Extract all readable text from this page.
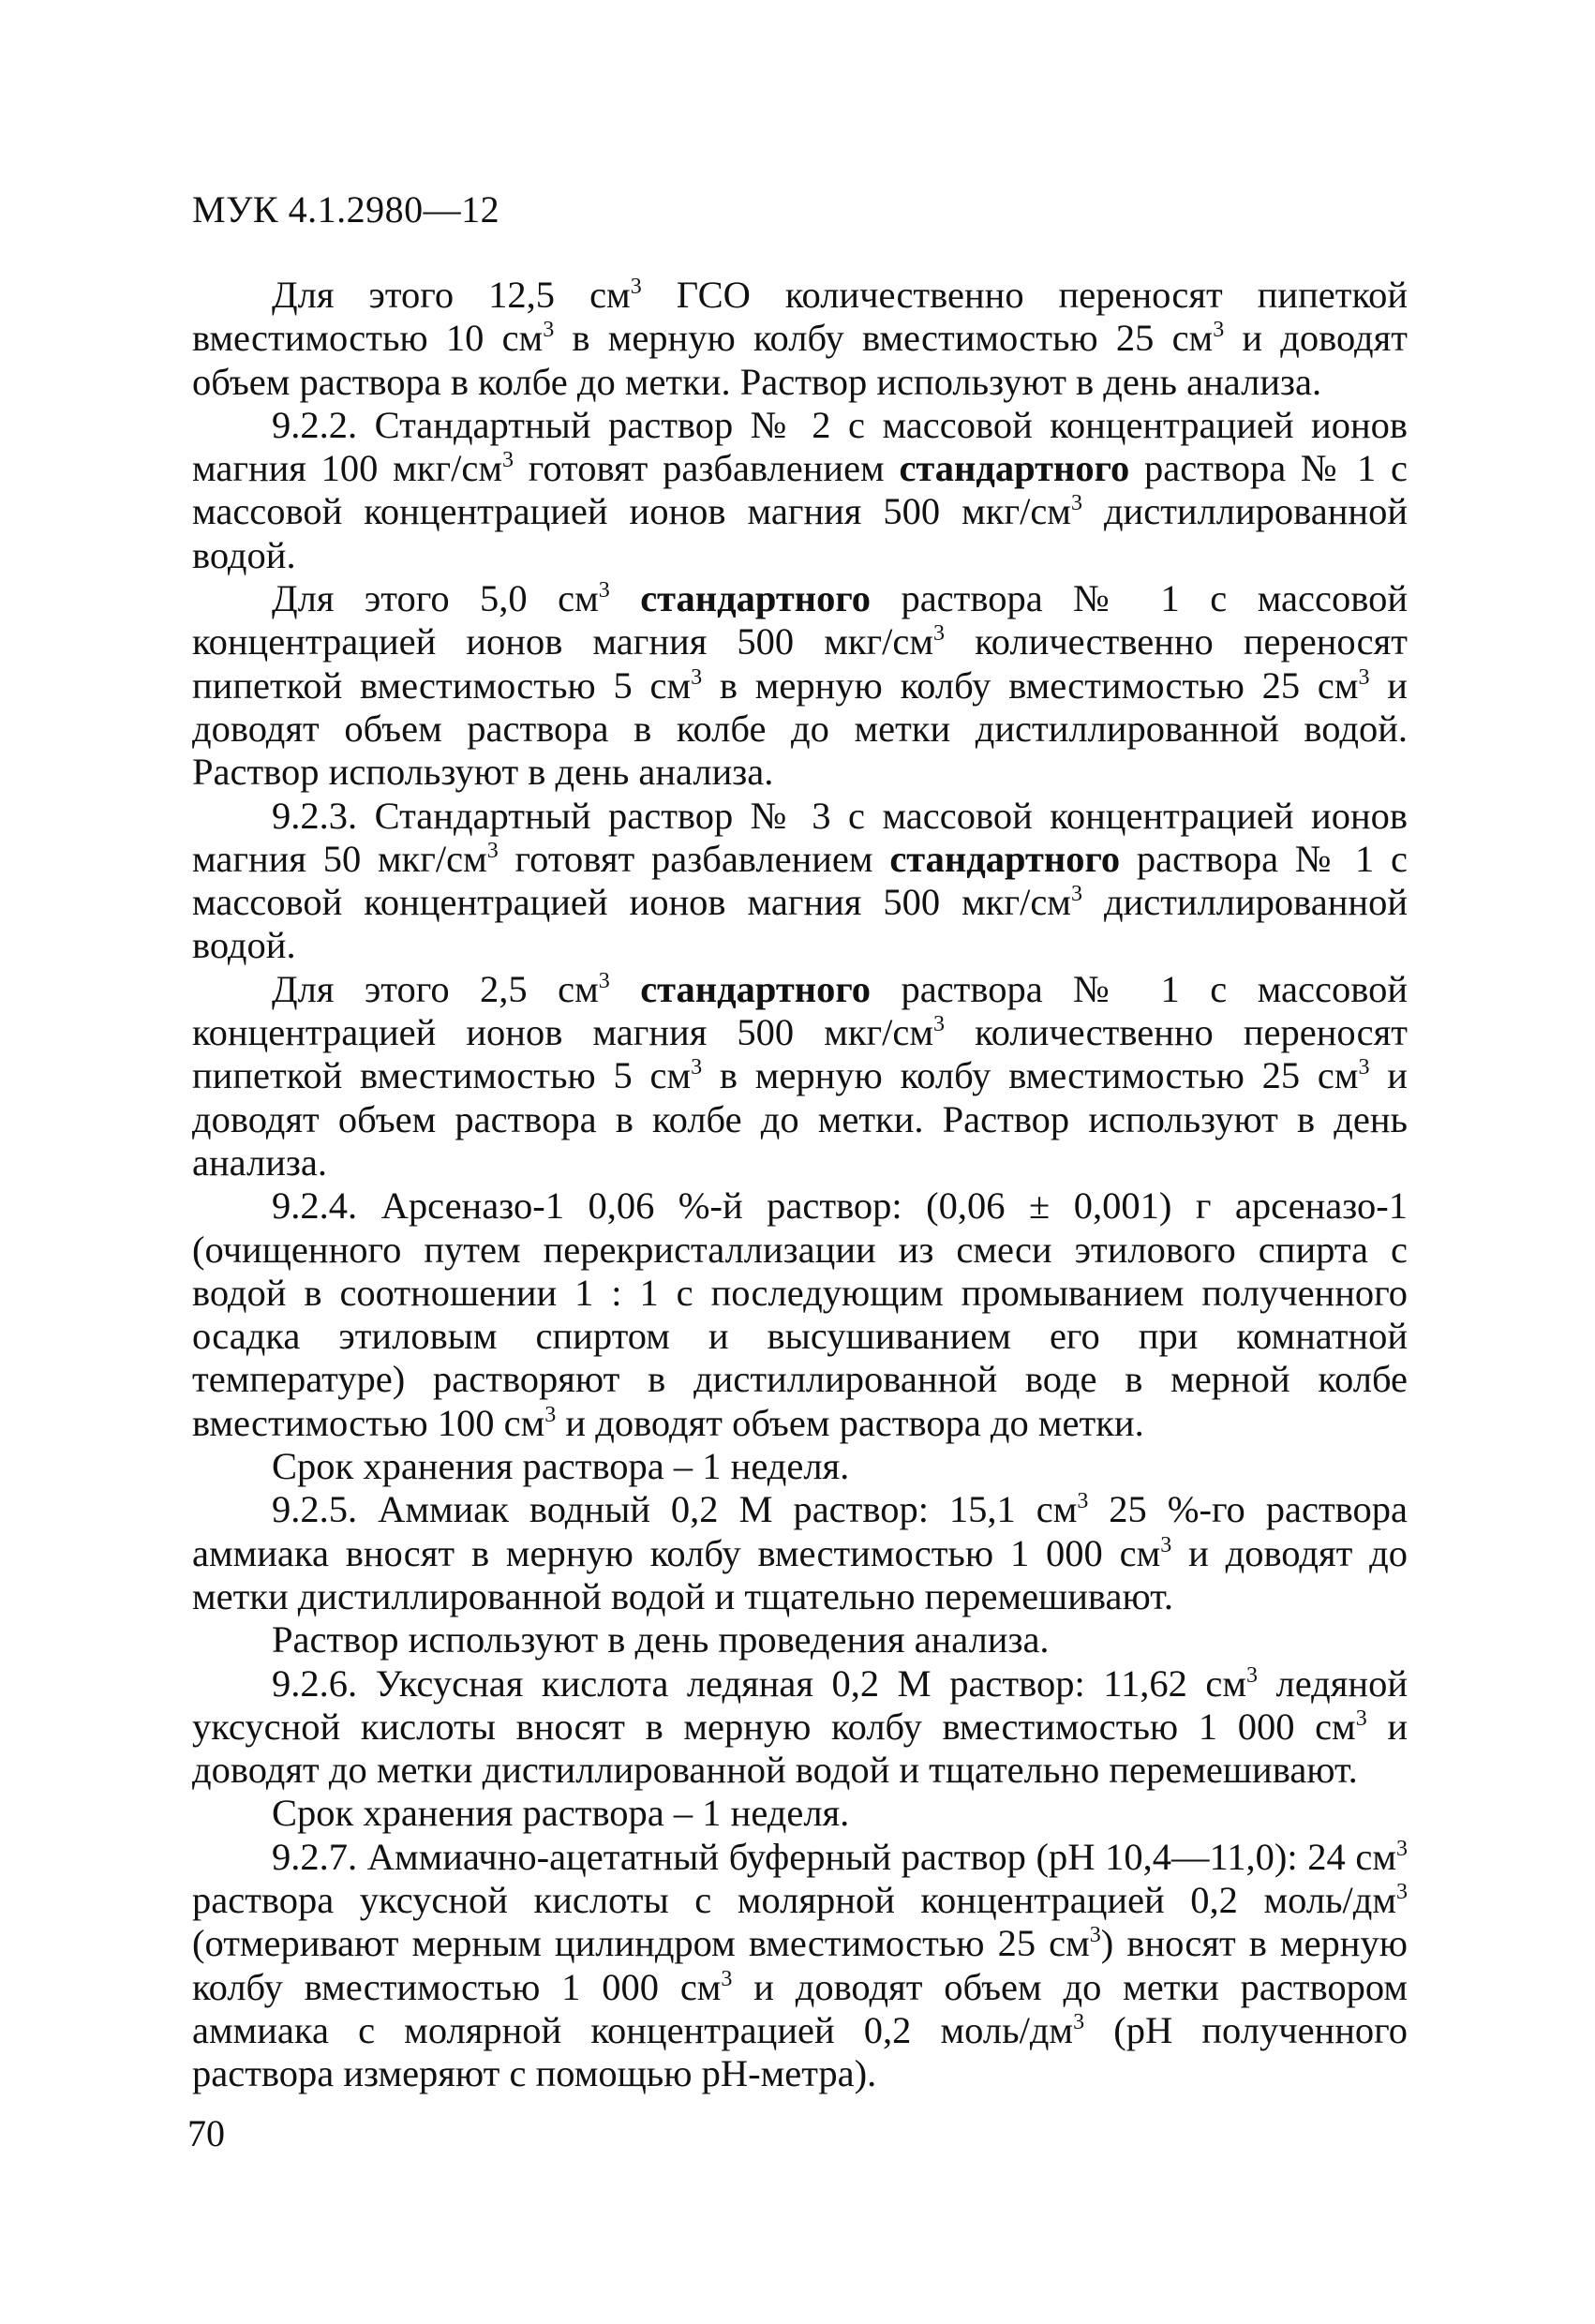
МУК 4.1.2980—12

Для этого 12,5 $см^3$ ГСО количественно переносят пипеткой вместимостью 10 $см^3$ в мерную колбу вместимостью 25 $см^3$ и доводят объем раствора в колбе до метки. Раствор используют в день анализа.

9.2.2. Стандартный раствор № 2 с массовой концентрацией ионов магния 100 мкг/$см^3$ готовят разбавлением стандартного раствора № 1 с массовой концентрацией ионов магния 500 мкг/$см^3$ дистиллированной водой.

Для этого 5,0 $см^3$ стандартного раствора № 1 с массовой концентрацией ионов магния 500 мкг/$см^3$ количественно переносят пипеткой вместимостью 5 $см^3$ в мерную колбу вместимостью 25 $см^3$ и доводят объем раствора в колбе до метки дистиллированной водой. Раствор используют в день анализа.

9.2.3. Стандартный раствор № 3 с массовой концентрацией ионов магния 50 мкг/$см^3$ готовят разбавлением стандартного раствора № 1 с массовой концентрацией ионов магния 500 мкг/$см^3$ дистиллированной водой.

Для этого 2,5 $см^3$ стандартного раствора № 1 с массовой концентрацией ионов магния 500 мкг/$см^3$ количественно переносят пипеткой вместимостью 5 $см^3$ в мерную колбу вместимостью 25 $см^3$ и доводят объем раствора в колбе до метки. Раствор используют в день анализа.

9.2.4. Арсеназо-1 0,06 %-й раствор: (0,06 ± 0,001) г арсеназо-1 (очищенного путем перекристаллизации из смеси этилового спирта с водой в соотношении 1 : 1 с последующим промыванием полученного осадка этиловым спиртом и высушиванием его при комнатной температуре) растворяют в дистиллированной воде в мерной колбе вместимостью 100 $см^3$ и доводят объем раствора до метки.

Срок хранения раствора – 1 неделя.

9.2.5. Аммиак водный 0,2 М раствор: 15,1 $см^3$ 25 %-го раствора аммиака вносят в мерную колбу вместимостью 1 000 $см^3$ и доводят до метки дистиллированной водой и тщательно перемешивают.

Раствор используют в день проведения анализа.

9.2.6. Уксусная кислота ледяная 0,2 М раствор: 11,62 $см^3$ ледяной уксусной кислоты вносят в мерную колбу вместимостью 1 000 $см^3$ и доводят до метки дистиллированной водой и тщательно перемешивают.

Срок хранения раствора – 1 неделя.

9.2.7. Аммиачно-ацетатный буферный раствор (рН 10,4—11,0): 24 $см^3$ раствора уксусной кислоты с молярной концентрацией 0,2 моль/$дм^3$ (отмеривают мерным цилиндром вместимостью 25 $см^3$) вносят в мерную колбу вместимостью 1 000 $см^3$ и доводят объем до метки раствором аммиака с молярной концентрацией 0,2 моль/$дм^3$ (рН полученного раствора измеряют с помощью рН-метра).

70
